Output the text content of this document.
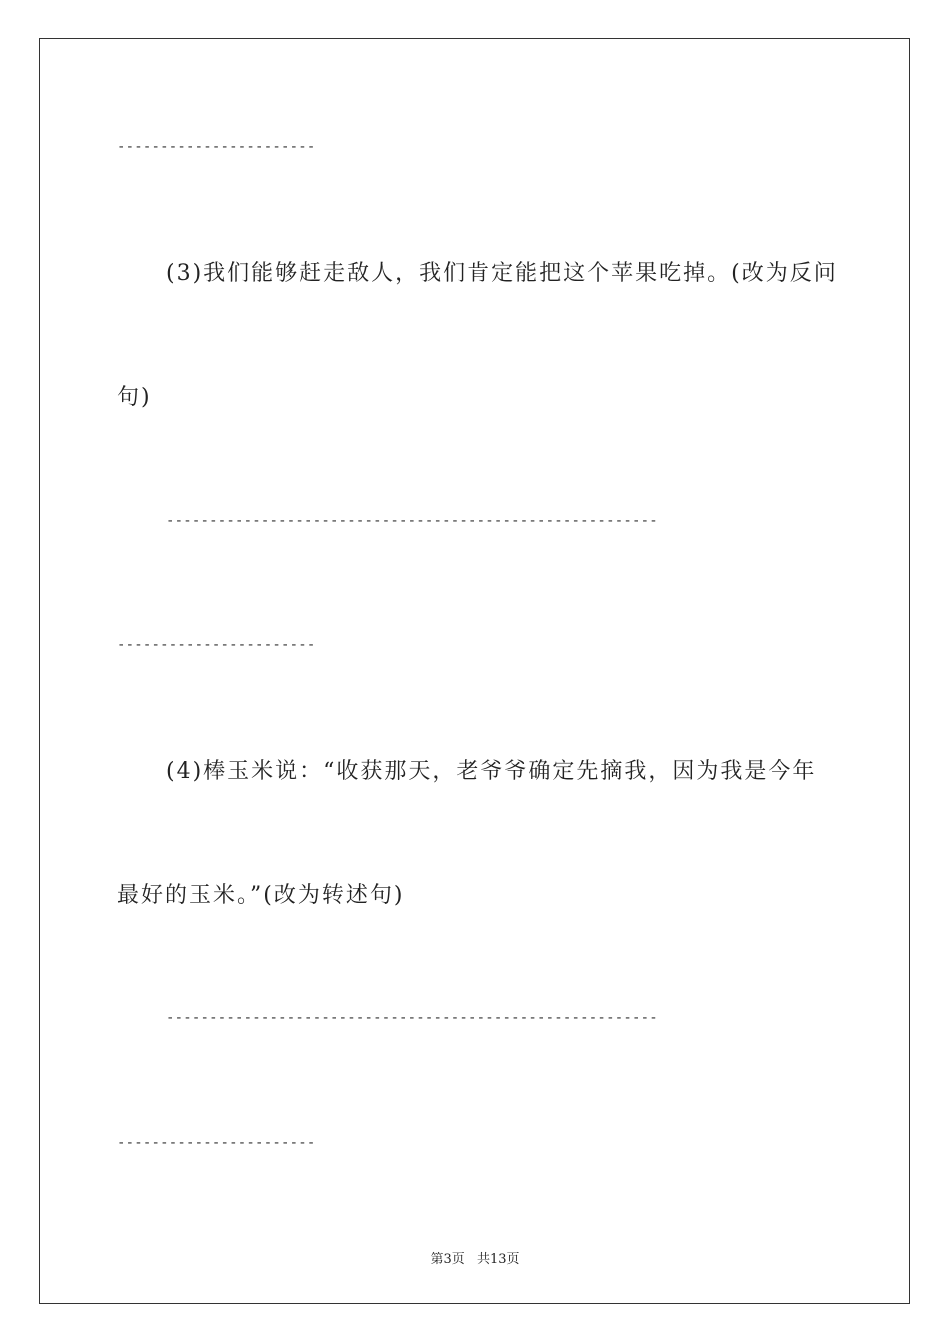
-----------------------
(3)我们能够赶走敌人，我们肯定能把这个苹果吃掉。(改为反问
句)
---------------------------------------------------------
-----------------------
(4)棒玉米说：“收获那天，老爷爷确定先摘我，因为我是今年
最好的玉米。”(改为转述句)
---------------------------------------------------------
-----------------------
第3页 共13页
